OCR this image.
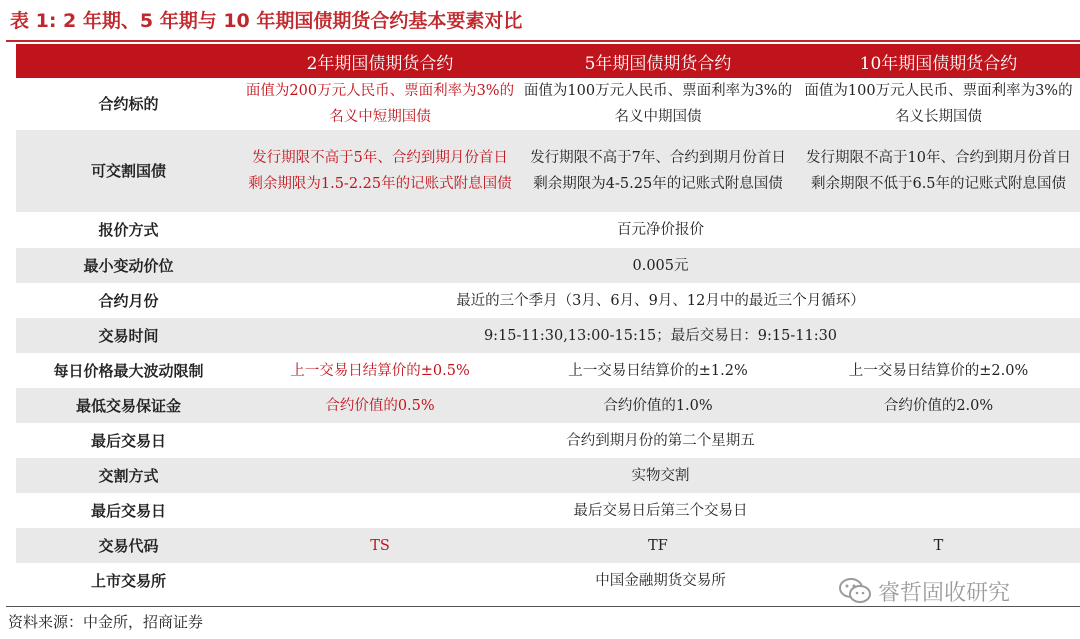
表 1: 2 年期、5 年期与 10 年期国债期货合约基本要素对比
	2年期国债期货合约	5年期国债期货合约	10年期国债期货合约
合约标的	面值为200万元人民币、票面利率为3%的名义中短期国债	面值为100万元人民币、票面利率为3%的名义中期国债	面值为100万元人民币、票面利率为3%的名义长期国债
可交割国债	发行期限不高于5年、合约到期月份首日剩余期限为1.5-2.25年的记账式附息国债	发行期限不高于7年、合约到期月份首日剩余期限为4-5.25年的记账式附息国债	发行期限不高于10年、合约到期月份首日剩余期限不低于6.5年的记账式附息国债
报价方式	百元净价报价		
最小变动价位	0.005元		
合约月份	最近的三个季月（3月、6月、9月、12月中的最近三个月循环）		
交易时间	9:15-11:30,13:00-15:15；最后交易日：9:15-11:30		
每日价格最大波动限制	上一交易日结算价的±0.5%	上一交易日结算价的±1.2%	上一交易日结算价的±2.0%
最低交易保证金	合约价值的0.5%	合约价值的1.0%	合约价值的2.0%
最后交易日	合约到期月份的第二个星期五		
交割方式	实物交割		
最后交易日	最后交易日后第三个交易日		
交易代码	TS	TF	T
上市交易所	中国金融期货交易所			睿哲固收研究
资料来源：中金所，招商证券
